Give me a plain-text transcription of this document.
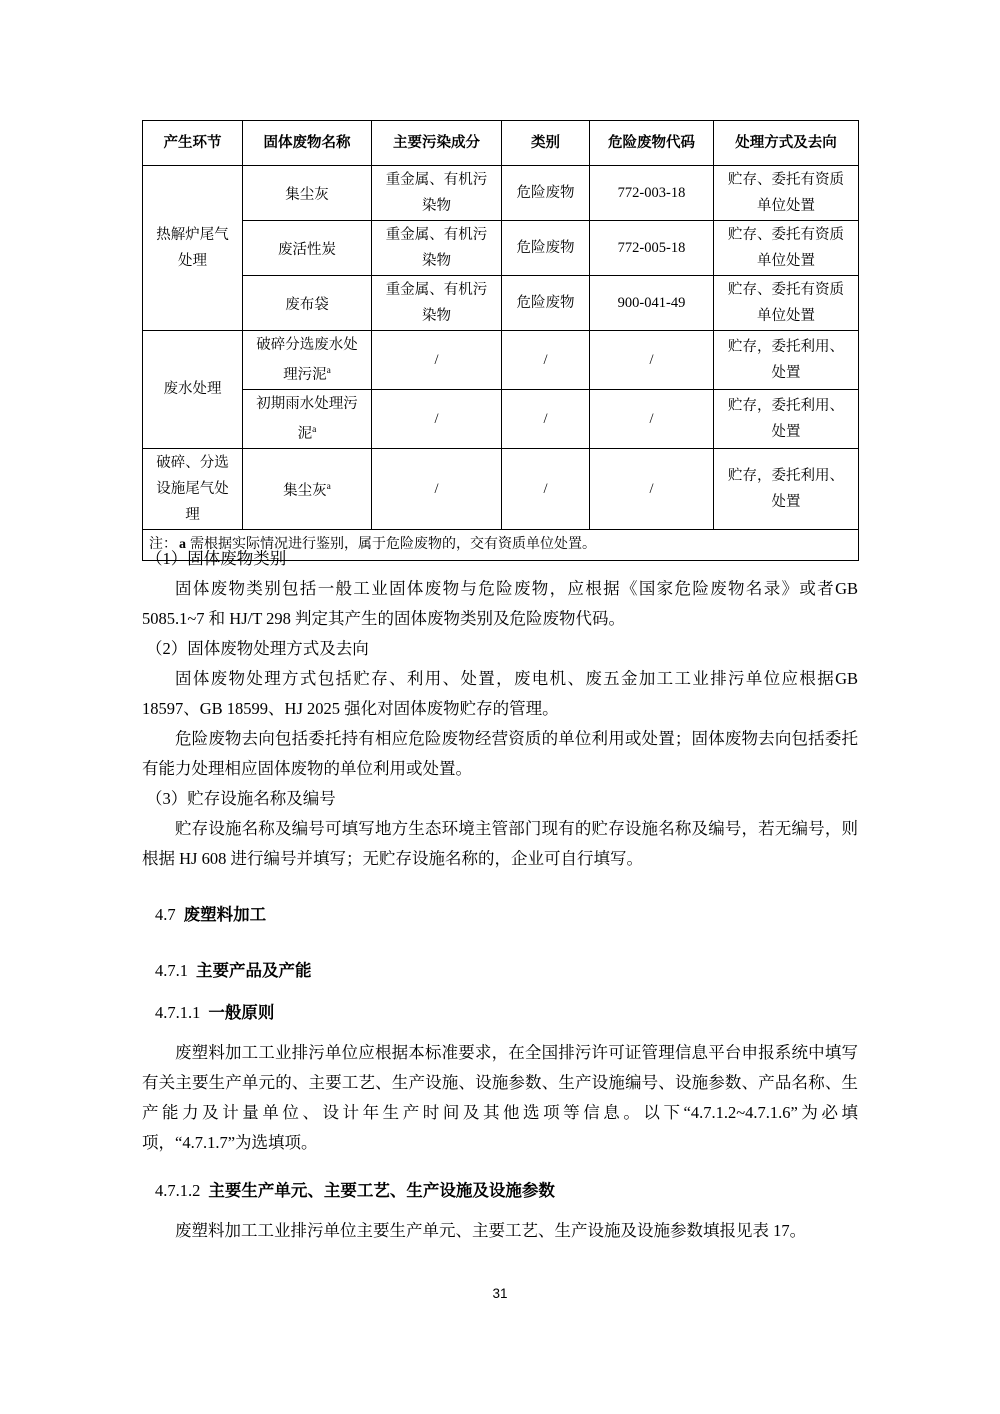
产生环节	固体废物名称	主要污染成分	类别	危险废物代码	处理方式及去向
热解炉尾气处理	集尘灰	重金属、有机污染物	危险废物	772-003-18	贮存、委托有资质单位处置
	废活性炭	重金属、有机污染物	危险废物	772-005-18	贮存、委托有资质单位处置
	废布袋	重金属、有机污染物	危险废物	900-041-49	贮存、委托有资质单位处置
废水处理	破碎分选废水处理污泥$^a$	/	/	/	贮存，委托利用、处置
	初期雨水处理污泥$^a$	/	/	/	贮存，委托利用、处置
破碎、分选设施尾气处理	集尘灰$^a$	/	/	/	贮存，委托利用、处置
注： a 需根据实际情况进行鉴别，属于危险废物的，交有资质单位处置。					
（1）固体废物类别
固体废物类别包括一般工业固体废物与危险废物，应根据《国家危险废物名录》或者GB 5085.1~7 和 HJ/T 298 判定其产生的固体废物类别及危险废物代码。
（2）固体废物处理方式及去向
固体废物处理方式包括贮存、利用、处置，废电机、废五金加工工业排污单位应根据GB 18597、GB 18599、HJ 2025 强化对固体废物贮存的管理。
危险废物去向包括委托持有相应危险废物经营资质的单位利用或处置；固体废物去向包括委托有能力处理相应固体废物的单位利用或处置。
（3）贮存设施名称及编号
贮存设施名称及编号可填写地方生态环境主管部门现有的贮存设施名称及编号，若无编号，则根据 HJ 608 进行编号并填写；无贮存设施名称的，企业可自行填写。
4.7 废塑料加工
4.7.1 主要产品及产能
4.7.1.1 一般原则
废塑料加工工业排污单位应根据本标准要求，在全国排污许可证管理信息平台申报系统中填写有关主要生产单元的、主要工艺、生产设施、设施参数、生产设施编号、设施参数、产品名称、生产能力及计量单位、设计年生产时间及其他选项等信息。以下“4.7.1.2~4.7.1.6”为必填项，“4.7.1.7”为选填项。
4.7.1.2 主要生产单元、主要工艺、生产设施及设施参数
废塑料加工工业排污单位主要生产单元、主要工艺、生产设施及设施参数填报见表 17。
31
